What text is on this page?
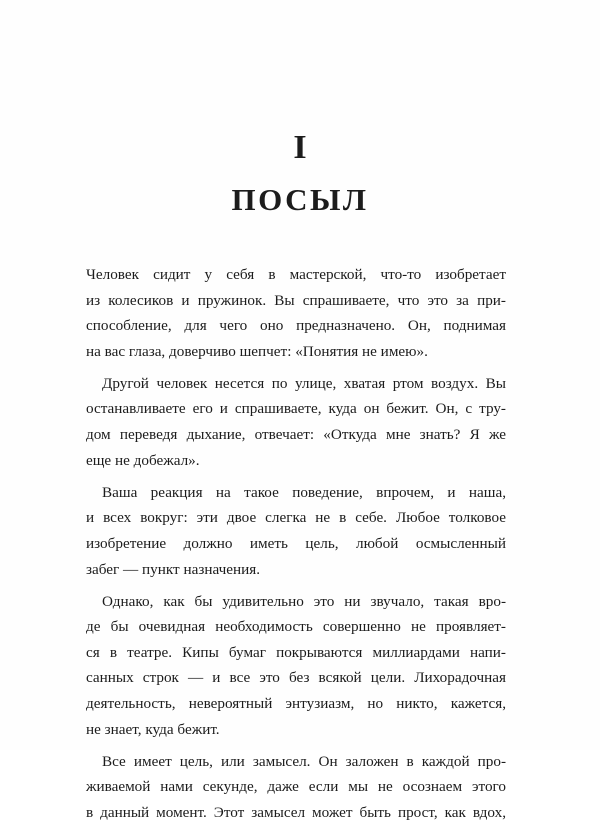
I
ПОСЫЛ
Человек сидит у себя в мастерской, что-то изобретает
из колесиков и пружинок. Вы спрашиваете, что это за при-
способление, для чего оно предназначено. Он, поднимая
на вас глаза, доверчиво шепчет: «Понятия не имею».
Другой человек несется по улице, хватая ртом воздух. Вы
останавливаете его и спрашиваете, куда он бежит. Он, с тру-
дом переведя дыхание, отвечает: «Откуда мне знать? Я же
еще не добежал».
Ваша реакция на такое поведение, впрочем, и наша,
и всех вокруг: эти двое слегка не в себе. Любое толковое
изобретение должно иметь цель, любой осмысленный
забег — пункт назначения.
Однако, как бы удивительно это ни звучало, такая вро-
де бы очевидная необходимость совершенно не проявляет-
ся в театре. Кипы бумаг покрываются миллиардами напи-
санных строк — и все это без всякой цели. Лихорадочная
деятельность, невероятный энтузиазм, но никто, кажется,
не знает, куда бежит.
Все имеет цель, или замысел. Он заложен в каждой про-
живаемой нами секунде, даже если мы не осознаем этого
в данный момент. Этот замысел может быть прост, как вдох,
